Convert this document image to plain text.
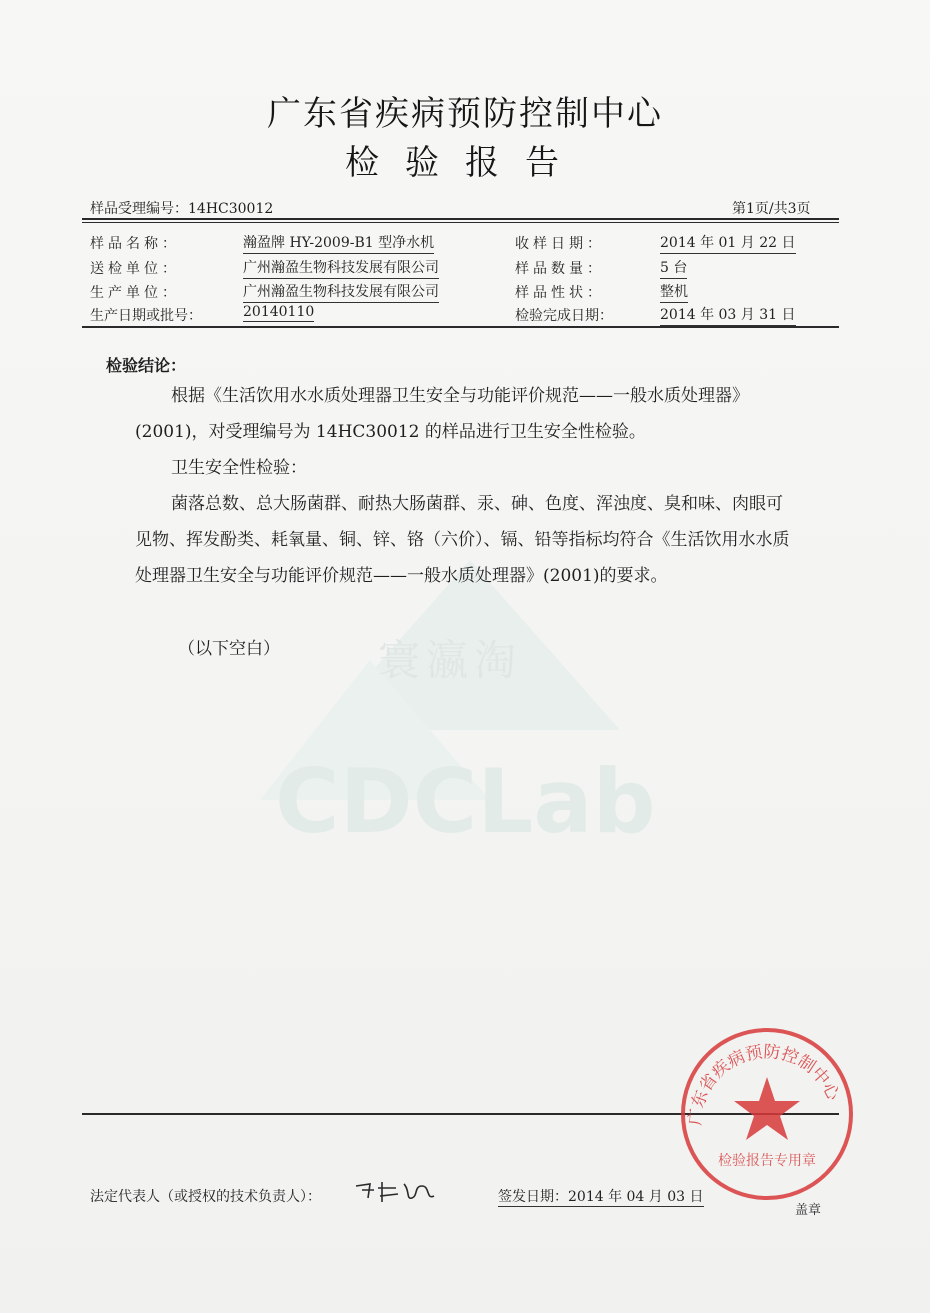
寰瀛淘
CDCLab
广东省疾病预防控制中心
检验报告
样品受理编号：14HC30012	第1页/共3页
样品名称：	瀚盈牌 HY-2009-B1 型净水机	收样日期：	2014 年 01 月 22 日
送检单位：	广州瀚盈生物科技发展有限公司	样品数量：	5 台
生产单位：	广州瀚盈生物科技发展有限公司	样品性状：	整机
生产日期或批号：	20140110	检验完成日期：	2014 年 03 月 31 日
检验结论：
根据《生活饮用水水质处理器卫生安全与功能评价规范——一般水质处理器》(2001)，对受理编号为 14HC30012 的样品进行卫生安全性检验。
卫生安全性检验：
菌落总数、总大肠菌群、耐热大肠菌群、汞、砷、色度、浑浊度、臭和味、肉眼可见物、挥发酚类、耗氧量、铜、锌、铬（六价）、镉、铅等指标均符合《生活饮用水水质处理器卫生安全与功能评价规范——一般水质处理器》(2001)的要求。
（以下空白）
广东省疾病预防控制中心
检验报告专用章
法定代表人（或授权的技术负责人）：	签发日期：2014 年 04 月 03 日
盖章
